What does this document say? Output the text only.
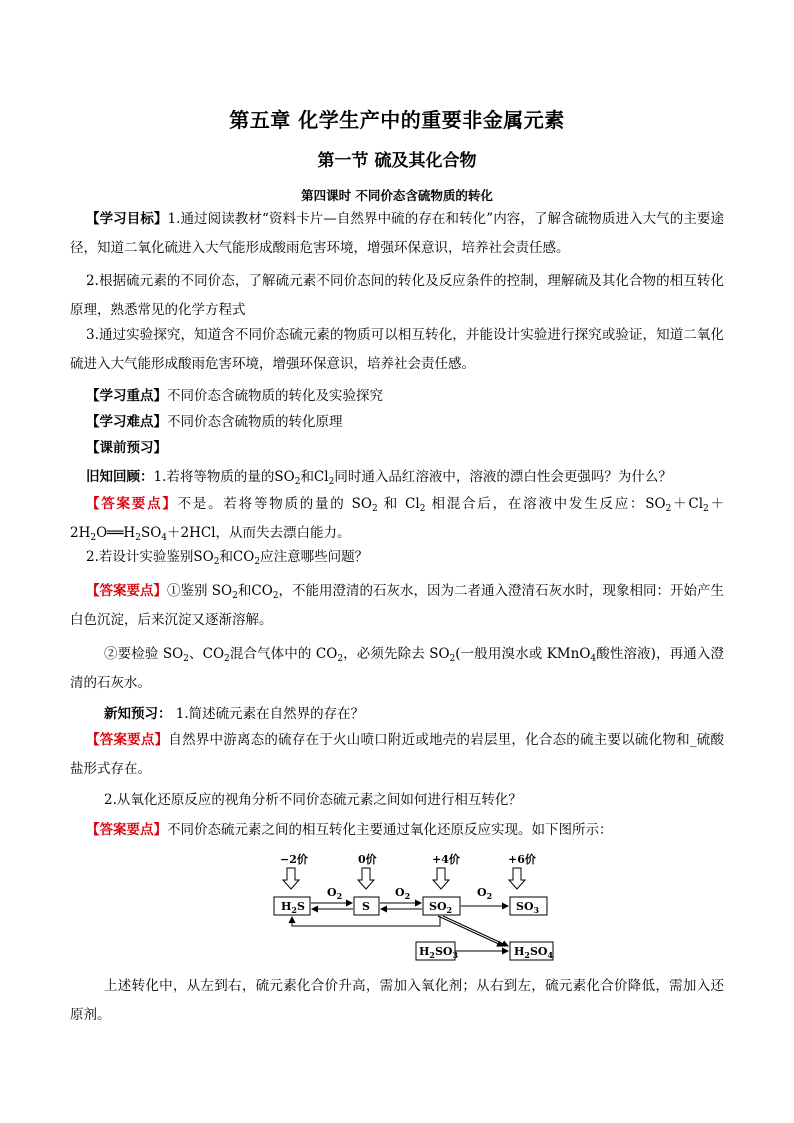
第五章 化学生产中的重要非金属元素
第一节 硫及其化合物
第四课时 不同价态含硫物质的转化

【学习目标】1.通过阅读教材“资料卡片—自然界中硫的存在和转化”内容，了解含硫物质进入大气的主要途径，知道二氧化硫进入大气能形成酸雨危害环境，增强环保意识，培养社会责任感。

2.根据硫元素的不同价态，了解硫元素不同价态间的转化及反应条件的控制，理解硫及其化合物的相互转化原理，熟悉常见的化学方程式

3.通过实验探究，知道含不同价态硫元素的物质可以相互转化，并能设计实验进行探究或验证，知道二氧化硫进入大气能形成酸雨危害环境，增强环保意识，培养社会责任感。

【学习重点】不同价态含硫物质的转化及实验探究

【学习难点】不同价态含硫物质的转化原理

【课前预习】

旧知回顾：1.若将等物质的量的$SO_2$和$Cl_2$同时通入品红溶液中，溶液的漂白性会更强吗？为什么？

【答案要点】不是。若将等物质的量的 $SO_2$ 和 $Cl_2$ 相混合后，在溶液中发生反应：$SO_2+Cl_2+2H_2O══H_2SO_4+2HCl$，从而失去漂白能力。

2.若设计实验鉴别$SO_2$和$CO_2$应注意哪些问题？

【答案要点】①鉴别 $SO_2$和$CO_2$，不能用澄清的石灰水，因为二者通入澄清石灰水时，现象相同：开始产生白色沉淀，后来沉淀又逐渐溶解。

②要检验 $SO_2$、$CO_2$混合气体中的 $CO_2$，必须先除去 $SO_2$(一般用溴水或 KMnO$_4$酸性溶液)，再通入澄清的石灰水。

新知预习： 1.简述硫元素在自然界的存在？

【答案要点】自然界中游离态的硫存在于火山喷口附近或地壳的岩层里，化合态的硫主要以硫化物和_硫酸盐形式存在。

2.从氧化还原反应的视角分析不同价态硫元素之间如何进行相互转化？

【答案要点】不同价态硫元素之间的相互转化主要通过氧化还原反应实现。如下图所示：

−2价	0价	+4价	+6价
$H_2S$	S	$SO_2$	$SO_3$
$O_2$	$O_2$	$O_2$
$H_2SO_3$	$H_2SO_4$

上述转化中，从左到右，硫元素化合价升高，需加入氧化剂；从右到左，硫元素化合价降低，需加入还原剂。
